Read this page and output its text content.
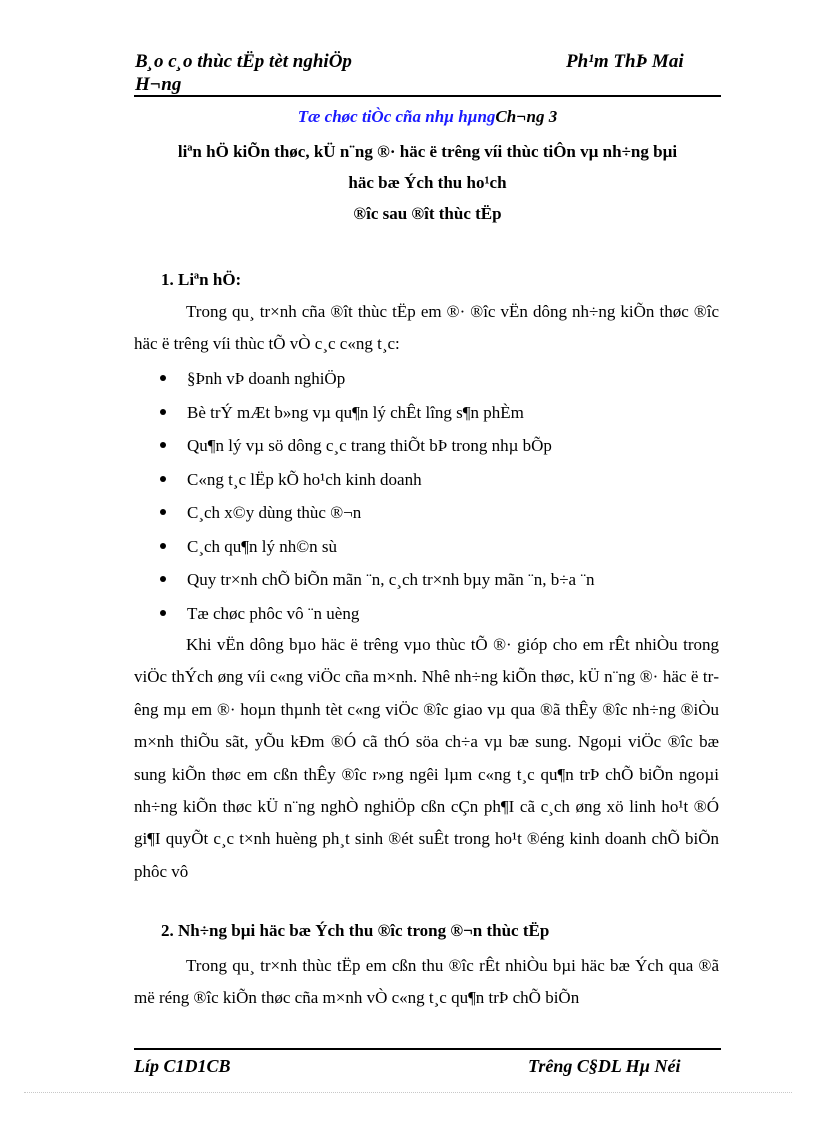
B¸o c¸o thùc tËp tèt nghiÖp H¬ng
Ph¹m ThÞ Mai
Tæ chøc tiÒc cña nhµ hµngCh¬ng 3
liªn hÖ kiÕn thøc, kÜ n¨ng ®· häc ë trêng víi thùc tiÔn vµ nh÷ng bµi
häc bæ Ých thu ho¹ch
®îc sau ®ît thùc tËp
1. Liªn hÖ:
Trong qu¸ tr×nh cña ®ît thùc tËp em ®· ®îc vËn dông nh÷ng kiÕn thøc ®îc häc ë trêng víi thùc tÕ vÒ c¸c c«ng t¸c:
§Þnh vÞ doanh nghiÖp
Bè trÝ mÆt b»ng vµ qu¶n lý chÊt lîng s¶n phÈm
Qu¶n lý vµ sö dông c¸c trang thiÕt bÞ trong nhµ bÕp
C«ng t¸c lËp kÕ ho¹ch kinh doanh
C¸ch x©y dùng thùc ®¬n
C¸ch qu¶n lý nh©n sù
Quy tr×nh chÕ biÕn mãn ¨n, c¸ch tr×nh bµy mãn ¨n, b÷a ¨n
Tæ chøc phôc vô ¨n uèng
Khi vËn dông bµo häc ë trêng vµo thùc tÕ ®· gióp cho em rÊt nhiÒu trong viÖc thÝch øng víi c«ng viÖc cña m×nh. Nhê nh÷ng kiÕn thøc, kÜ n¨ng ®· häc ë trêng mµ em ®· hoµn thµnh tèt c«ng viÖc ®îc giao vµ qua ®ã thÊy ®îc nh÷ng ®iÒu m×nh thiÕu sãt, yÕu kÐm ®Ó cã thÓ söa ch÷a vµ bæ sung. Ngoµi viÖc ®îc bæ sung kiÕn thøc em cßn thÊy ®îc r»ng ngêi lµm c«ng t¸c qu¶n trÞ chÕ biÕn ngoµi nh÷ng kiÕn thøc kÜ n¨ng nghÒ nghiÖp cßn cÇn ph¶I cã c¸ch øng xö linh ho¹t ®Ó gi¶I quyÕt c¸c t×nh huèng ph¸t sinh ®ét suÊt trong ho¹t ®éng kinh doanh chÕ biÕn phôc vô
2. Nh÷ng bµi häc bæ Ých thu ®îc trong ®¬n thùc tËp
Trong qu¸ tr×nh thùc tËp em cßn thu ®îc rÊt nhiÒu bµi häc bæ Ých qua ®ã më réng ®îc kiÕn thøc cña m×nh vÒ c«ng t¸c qu¶n trÞ chÕ biÕn
Líp C1D1CB	Trêng C§DL Hµ Néi
